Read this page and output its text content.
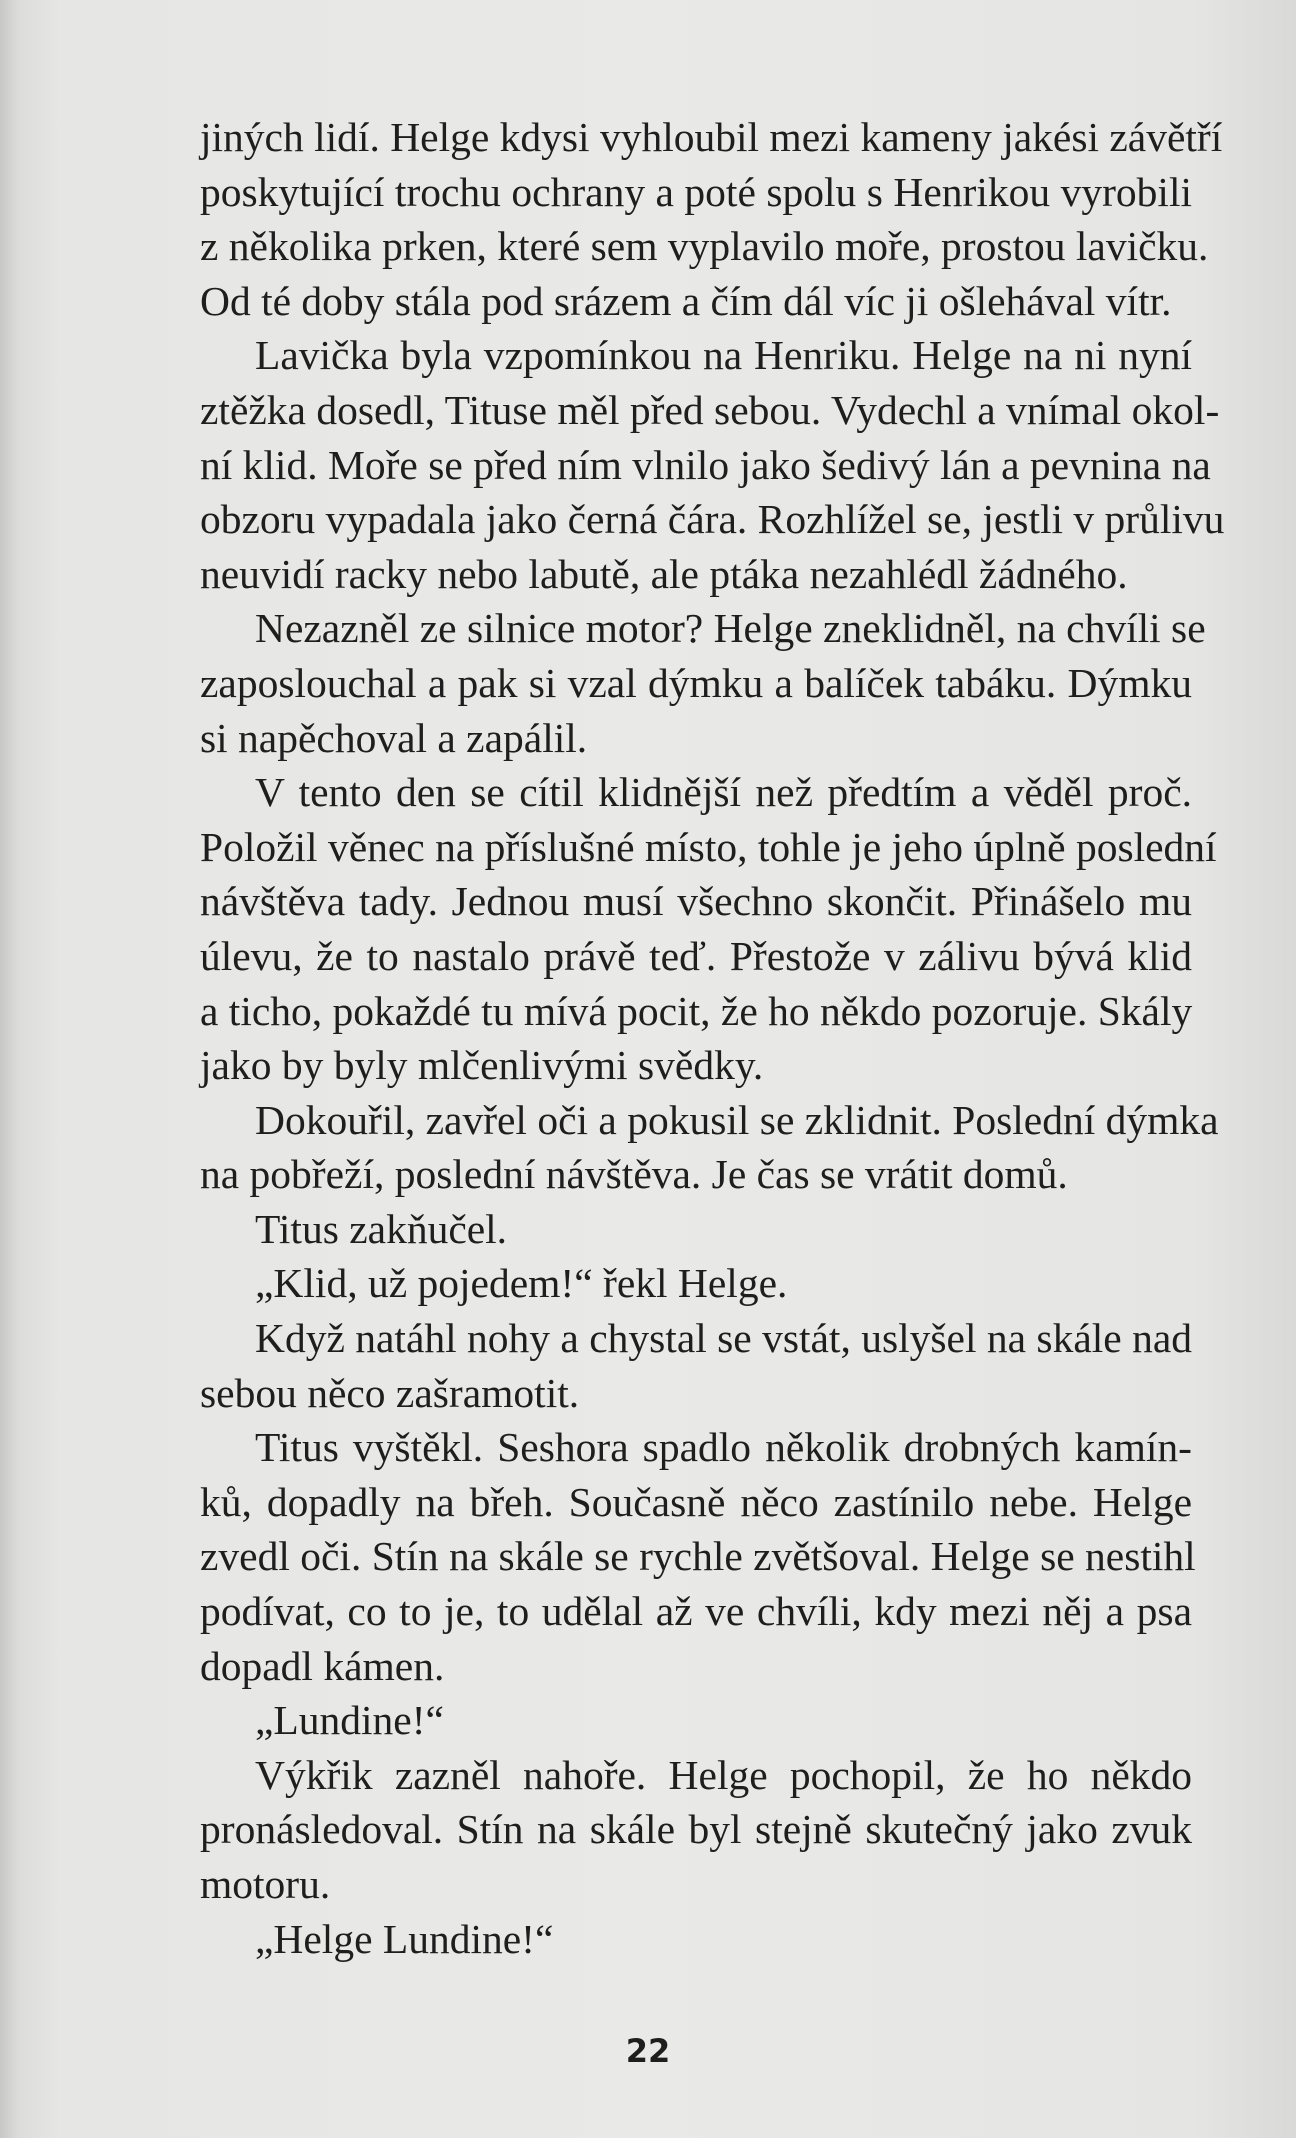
jiných lidí. Helge kdysi vyhloubil mezi kameny jakési závětří
poskytující trochu ochrany a poté spolu s Henrikou vyrobili
z několika prken, které sem vyplavilo moře, prostou lavičku.
Od té doby stála pod srázem a čím dál víc ji ošlehával vítr.
Lavička byla vzpomínkou na Henriku. Helge na ni nyní
ztěžka dosedl, Tituse měl před sebou. Vydechl a vnímal okol-
ní klid. Moře se před ním vlnilo jako šedivý lán a pevnina na
obzoru vypadala jako černá čára. Rozhlížel se, jestli v průlivu
neuvidí racky nebo labutě, ale ptáka nezahlédl žádného.
Nezazněl ze silnice motor? Helge zneklidněl, na chvíli se
zaposlouchal a pak si vzal dýmku a balíček tabáku. Dýmku
si napěchoval a zapálil.
V tento den se cítil klidnější než předtím a věděl proč.
Položil věnec na příslušné místo, tohle je jeho úplně poslední
návštěva tady. Jednou musí všechno skončit. Přinášelo mu
úlevu, že to nastalo právě teď. Přestože v zálivu bývá klid
a ticho, pokaždé tu mívá pocit, že ho někdo pozoruje. Skály
jako by byly mlčenlivými svědky.
Dokouřil, zavřel oči a pokusil se zklidnit. Poslední dýmka
na pobřeží, poslední návštěva. Je čas se vrátit domů.
Titus zakňučel.
„Klid, už pojedem!“ řekl Helge.
Když natáhl nohy a chystal se vstát, uslyšel na skále nad
sebou něco zašramotit.
Titus vyštěkl. Seshora spadlo několik drobných kamín-
ků, dopadly na břeh. Současně něco zastínilo nebe. Helge
zvedl oči. Stín na skále se rychle zvětšoval. Helge se nestihl
podívat, co to je, to udělal až ve chvíli, kdy mezi něj a psa
dopadl kámen.
„Lundine!“
Výkřik zazněl nahoře. Helge pochopil, že ho někdo
pronásledoval. Stín na skále byl stejně skutečný jako zvuk
motoru.
„Helge Lundine!“
22
